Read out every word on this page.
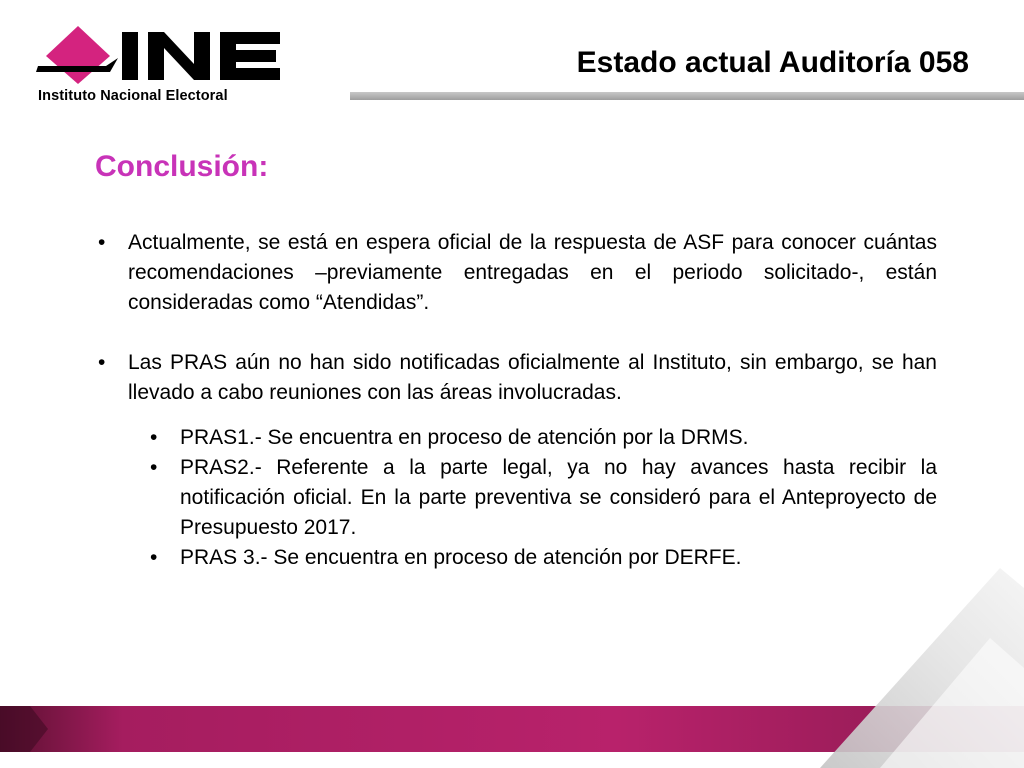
Instituto Nacional Electoral
Estado actual Auditoría 058
Conclusión:
• Actualmente, se está en espera oficial de la respuesta de ASF para conocer cuántas recomendaciones –previamente entregadas en el periodo solicitado-, están consideradas como “Atendidas”.
• Las PRAS aún no han sido notificadas oficialmente al Instituto, sin embargo, se han llevado a cabo reuniones con las áreas involucradas.
• PRAS1.- Se encuentra en proceso de atención por la DRMS.
• PRAS2.- Referente a la parte legal, ya no hay avances hasta recibir la notificación oficial. En la parte preventiva se consideró para el Anteproyecto de Presupuesto 2017.
• PRAS 3.- Se encuentra en proceso de atención por DERFE.
